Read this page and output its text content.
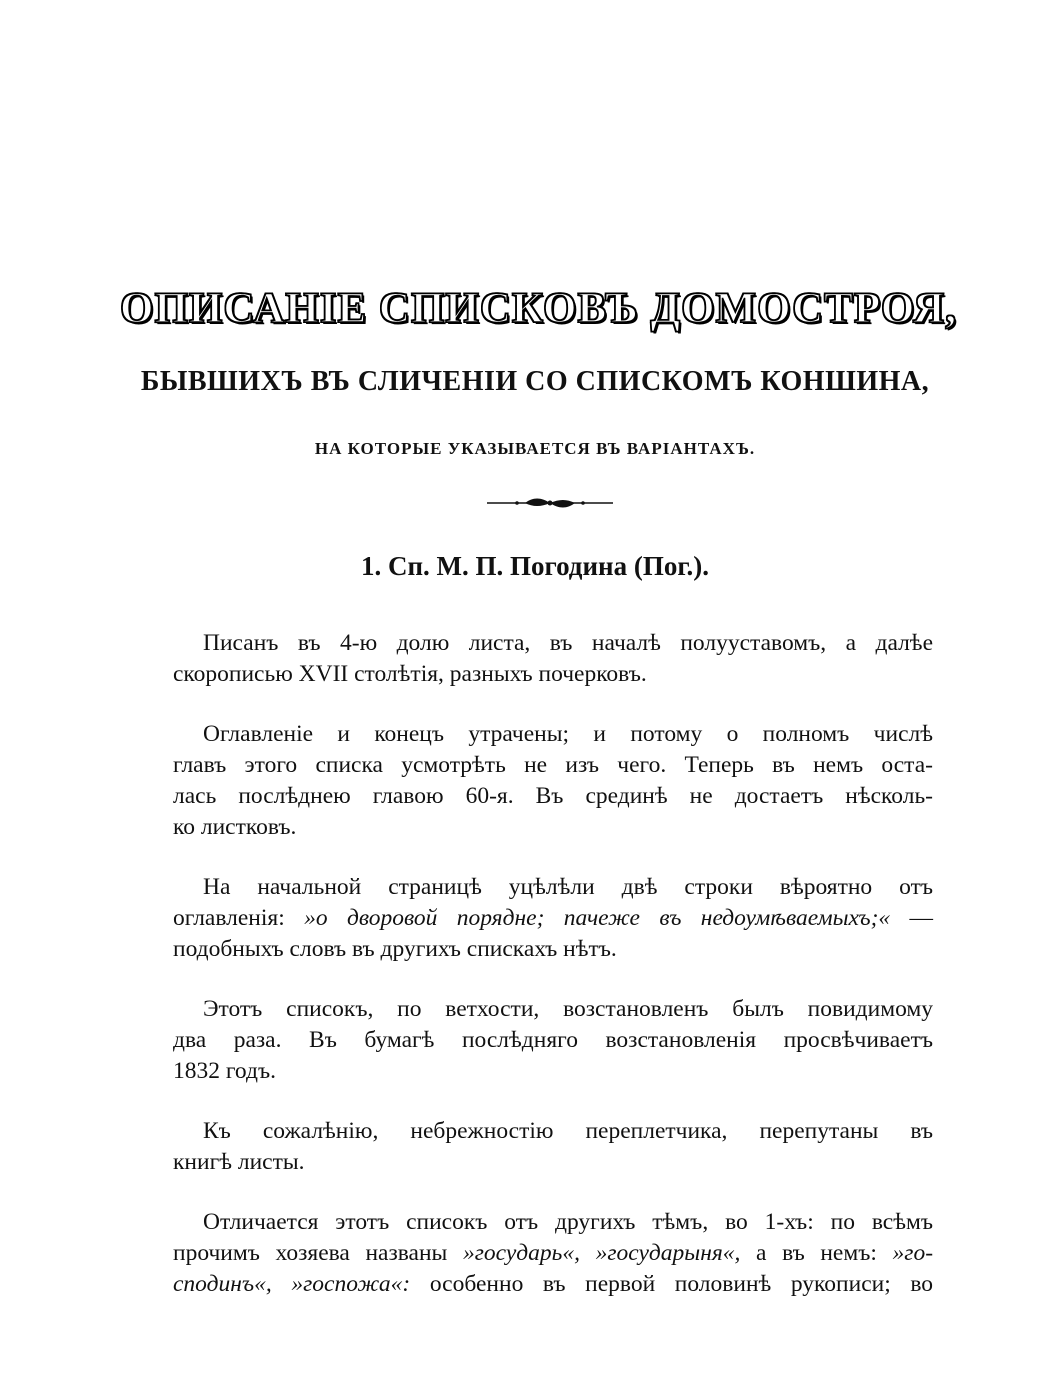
ОПИСАНІЕ СПИСКОВЪ ДОМОСТРОЯ,
БЫВШИХЪ ВЪ СЛИЧЕНІИ СО СПИСКОМЪ КОНШИНА,
НА КОТОРЫЕ УКАЗЫВАЕТСЯ ВЪ ВАРІАНТАХЪ.
1. Сп. М. П. Погодина (Пог.).
Писанъ въ 4-ю долю листа, въ началѣ полууставомъ, а далѣе
скорописью XVII столѣтія, разныхъ почерковъ.
Оглавленіе и конецъ утрачены; и потому о полномъ числѣ
главъ этого списка усмотрѣть не изъ чего. Теперь въ немъ оста-
лась послѣднею главою 60-я. Въ срединѣ не достаетъ нѣсколь-
ко листковъ.
На начальной страницѣ уцѣлѣли двѣ строки вѣроятно отъ
оглавленія: »о дворовой порядне; пачеже въ недоумѣваемыхъ;« —
подобныхъ словъ въ другихъ спискахъ нѣтъ.
Этотъ списокъ, по ветхости, возстановленъ былъ повидимому
два раза. Въ бумагѣ послѣдняго возстановленія просвѣчиваетъ
1832 годъ.
Къ сожалѣнію, небрежностію переплетчика, перепутаны въ
книгѣ листы.
Отличается этотъ списокъ отъ другихъ тѣмъ, во 1-хъ: по всѣмъ
прочимъ хозяева названы »государь«, »государыня«, а въ немъ: »го-
сподинъ«, »госпожа«: особенно въ первой половинѣ рукописи; во
